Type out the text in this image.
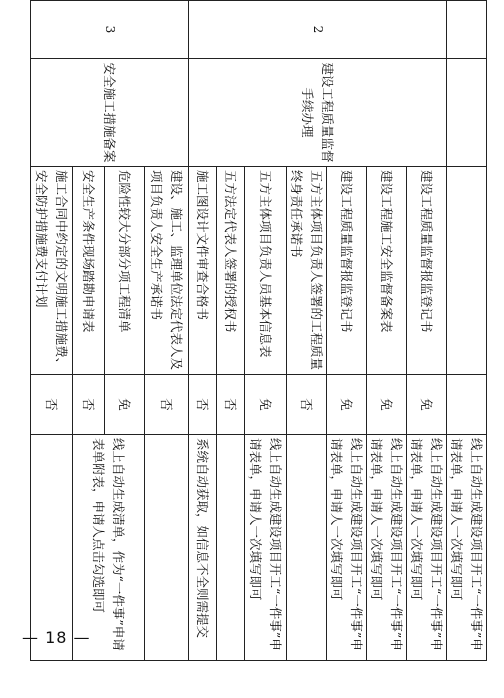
				线上自动生成建设项目开工“一件事”申请表单，申请人一次填写即可
2	建设工程质量监督手续办理	建设工程质量监督报监登记书	免	线上自动生成建设项目开工“一件事”申请表单，申请人一次填写即可
		建设工程施工安全监督备案表	免	线上自动生成建设项目开工“一件事”申请表单，申请人一次填写即可
		建设工程质量监督报监登记书	免	线上自动生成建设项目开工“一件事”申请表单，申请人一次填写即可
		五方主体项目负责人签署的工程质量终身责任承诺书	否	
		五方主体项目负责人员基本信息表	免	线上自动生成建设项目开工“一件事”申请表单，申请人一次填写即可
		五方法定代表人签署的授权书	否	
		施工图设计文件审查合格书	否	系统自动获取，如信息不全则需提交
3	安全施工措施备案	建设、施工、监理单位法定代表人及项目负责人安全生产承诺书	否	
		危险性较大分部分项工程清单	免	线上自动生成清单，作为“一件事”申请表单附表，申请人点击勾选即可
		安全生产条件现场踏勘申请表	否	
		施工合同中约定的文明施工措施费、安全防护措施费支付计划	否	
— 18 —
